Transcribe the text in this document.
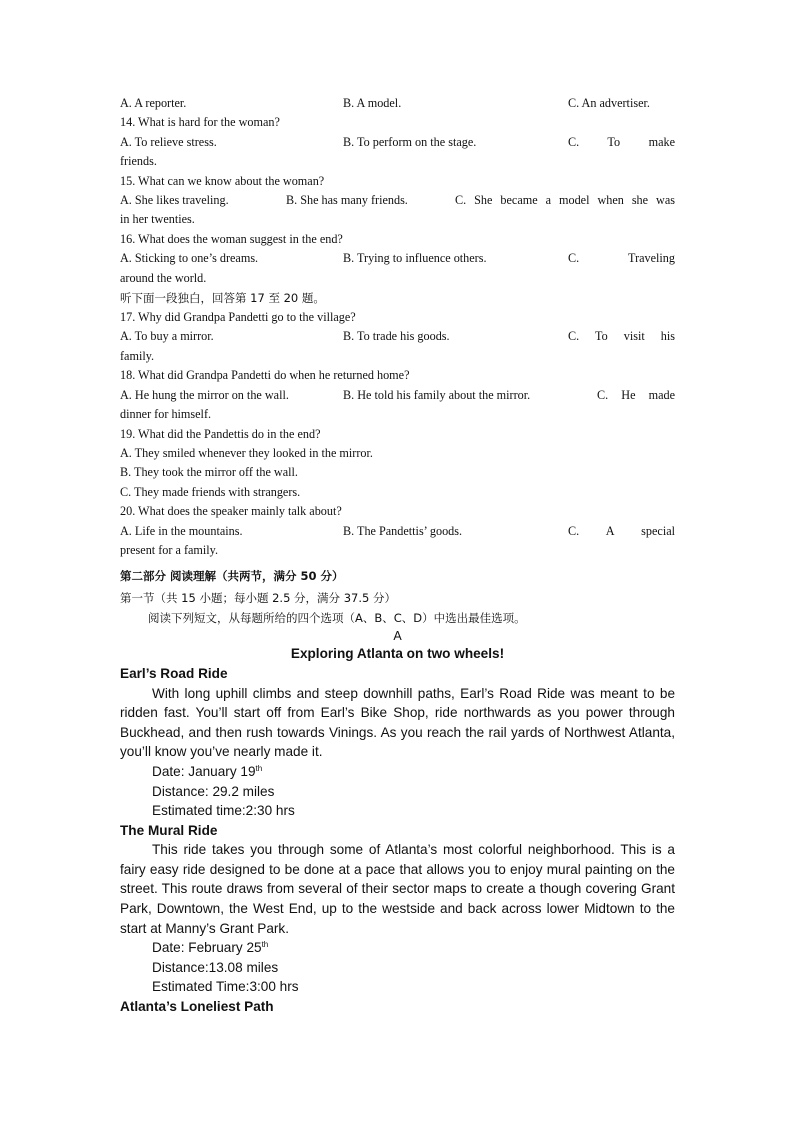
A. A reporter.	B. A model.	C. An advertiser.
14. What is hard for the woman?
A. To relieve stress.	B. To perform on the stage.	C. To make
friends.
15. What can we know about the woman?
A. She likes traveling.	B. She has many friends.	C. She became a model when she was
in her twenties.
16. What does the woman suggest in the end?
A. Sticking to one’s dreams.	B. Trying to influence others.	C. Traveling
around the world.
听下面一段独白，回答第 17 至 20 题。
17. Why did Grandpa Pandetti go to the village?
A. To buy a mirror.	B. To trade his goods.	C. To visit his
family.
18. What did Grandpa Pandetti do when he returned home?
A. He hung the mirror on the wall.	B. He told his family about the mirror.	C. He made
dinner for himself.
19. What did the Pandettis do in the end?
A. They smiled whenever they looked in the mirror.
B. They took the mirror off the wall.
C. They made friends with strangers.
20. What does the speaker mainly talk about?
A. Life in the mountains.	B. The Pandettis’ goods.	C. A special
present for a family.
第二部分 阅读理解（共两节，满分 50 分）
第一节（共 15 小题；每小题 2.5 分，满分 37.5 分）
阅读下列短文，从每题所给的四个选项（A、B、C、D）中选出最佳选项。
A
Exploring Atlanta on two wheels!
Earl’s Road Ride
With long uphill climbs and steep downhill paths, Earl’s Road Ride was meant to be ridden fast. You’ll start off from Earl’s Bike Shop, ride northwards as you power through Buckhead, and then rush towards Vinings. As you reach the rail yards of Northwest Atlanta, you’ll know you’ve nearly made it.
Date: January 19th
Distance: 29.2 miles
Estimated time:2:30 hrs
The Mural Ride
This ride takes you through some of Atlanta’s most colorful neighborhood. This is a fairy easy ride designed to be done at a pace that allows you to enjoy mural painting on the street. This route draws from several of their sector maps to create a though covering Grant Park, Downtown, the West End, up to the westside and back across lower Midtown to the start at Manny’s Grant Park.
Date: February 25th
Distance:13.08 miles
Estimated Time:3:00 hrs
Atlanta’s Loneliest Path
